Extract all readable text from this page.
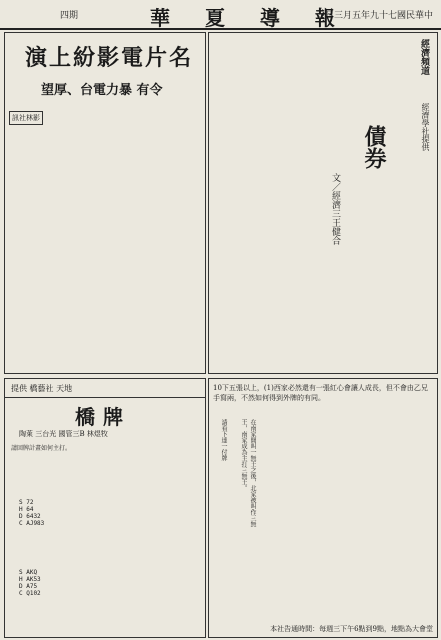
四期	華 夏 導 報
日三月五年九十七國民華中
演上紛影電片名
望厚、台電力暴 有令
訊社林影
經濟頻道
經濟學社提供
債券
文／經濟三王健合
提供 橋藝社 天地
橋牌
陶萊 三台光 國管三B 林煜牧
請回牌計畫如何主打。
S 72
H 64
D 6432
C AJ983
S AKQ
H AK53
D A75
C Q102
10下五張以上，(1)西家必然還有一張紅心會讓人成長，但不會由乙兄手寫兩，不然如何得到外牌的有同。
請看下達一付牌	在南家開叫一無王之後，北家被叫作三無王，南家成為主打三無王。
本社告通時間：每週三下午6點到9點，地點為大會堂
